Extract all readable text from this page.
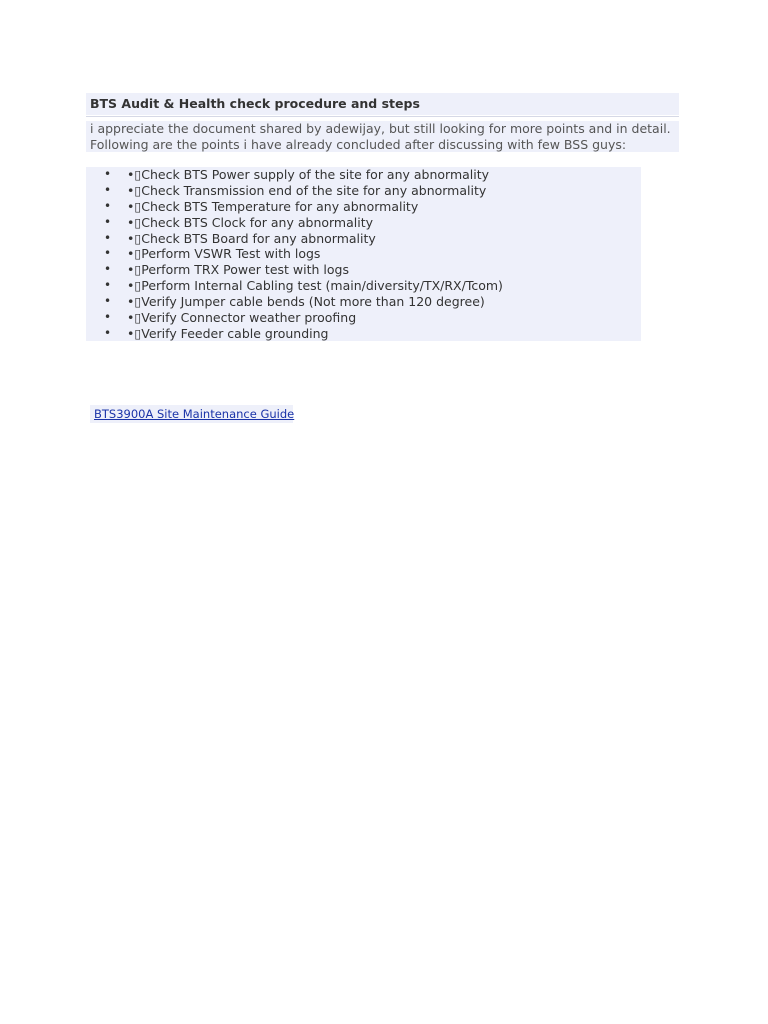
BTS Audit & Health check procedure and steps
i appreciate the document shared by adewijay, but still looking for more points and in detail.
Following are the points i have already concluded after discussing with few BSS guys:
• •▯Check BTS Power supply of the site for any abnormality
• •▯Check Transmission end of the site for any abnormality
• •▯Check BTS Temperature for any abnormality
• •▯Check BTS Clock for any abnormality
• •▯Check BTS Board for any abnormality
• •▯Perform VSWR Test with logs
• •▯Perform TRX Power test with logs
• •▯Perform Internal Cabling test (main/diversity/TX/RX/Tcom)
• •▯Verify Jumper cable bends (Not more than 120 degree)
• •▯Verify Connector weather proofing
• •▯Verify Feeder cable grounding
BTS3900A Site Maintenance Guide
